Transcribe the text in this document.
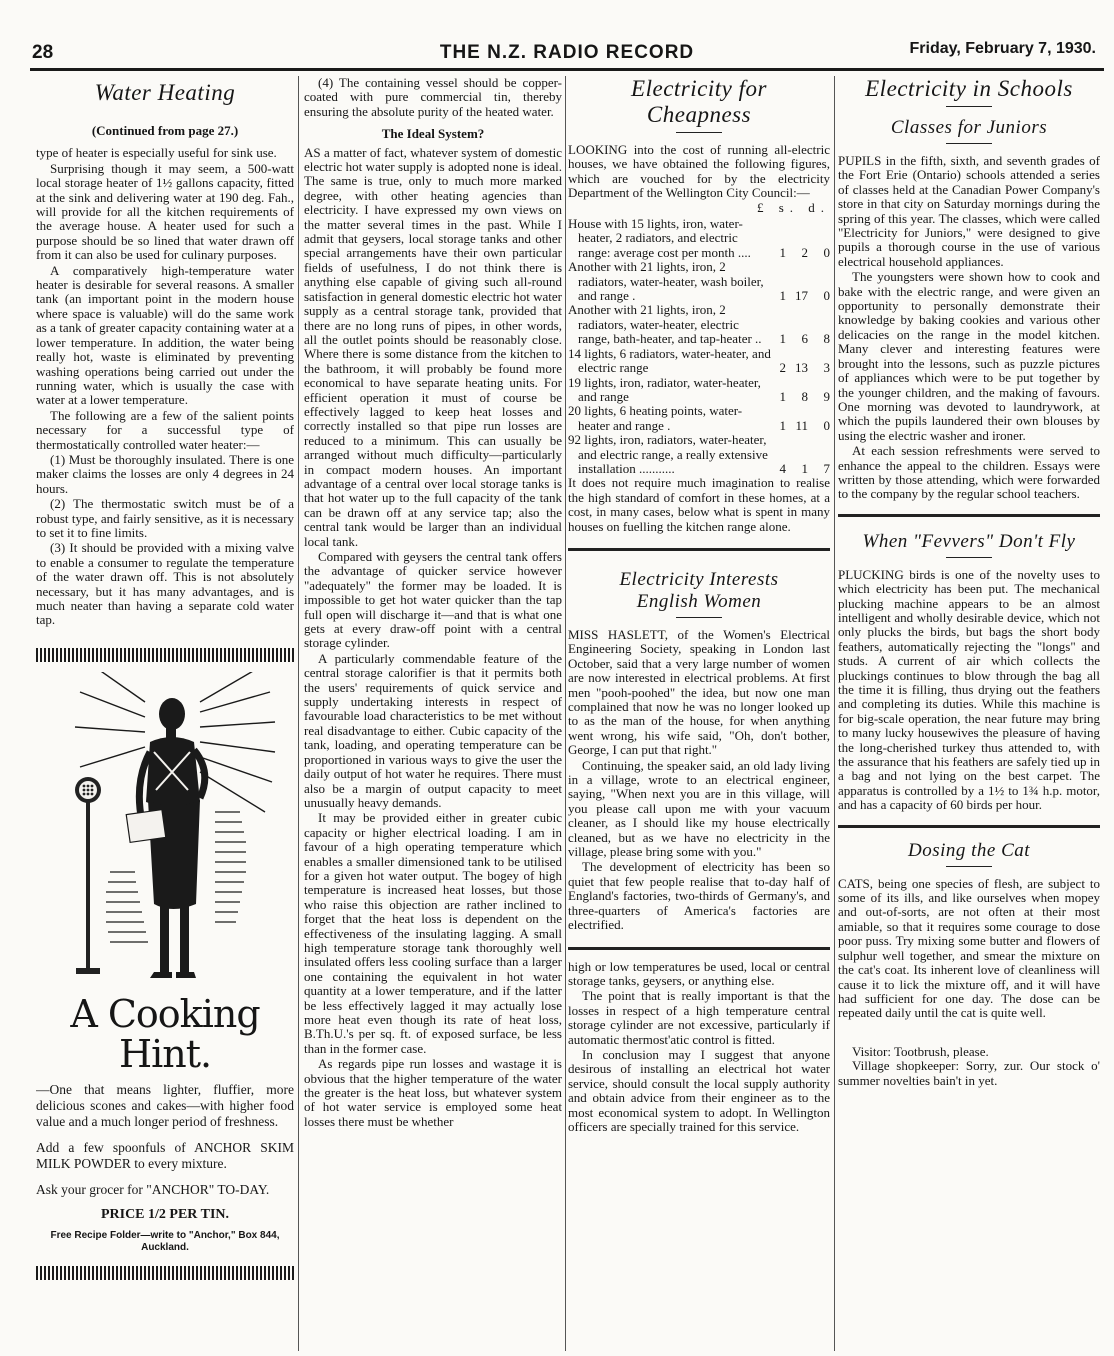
28	THE N.Z. RADIO RECORD	Friday, February 7, 1930.
Water Heating
(Continued from page 27.)

type of heater is especially useful for sink use.

Surprising though it may seem, a 500-watt local storage heater of 1½ gallons capacity, fitted at the sink and delivering water at 190 deg. Fah., will provide for all the kitchen requirements of the average house. A heater used for such a purpose should be so lined that water drawn off from it can also be used for culinary purposes.

A comparatively high-temperature water heater is desirable for several reasons. A smaller tank (an important point in the modern house where space is valuable) will do the same work as a tank of greater capacity containing water at a lower temperature. In addition, the water being really hot, waste is eliminated by preventing washing operations being carried out under the running water, which is usually the case with water at a lower temperature.

The following are a few of the salient points necessary for a successful type of thermostatically controlled water heater:—

(1) Must be thoroughly insulated. There is one maker claims the losses are only 4 degrees in 24 hours.

(2) The thermostatic switch must be of a robust type, and fairly sensitive, as it is necessary to set it to fine limits.

(3) It should be provided with a mixing valve to enable a consumer to regulate the temperature of the water drawn off. This is not absolutely necessary, but it has many advantages, and is much neater than having a separate cold water tap.

A Cooking Hint.

—One that means lighter, fluffier, more delicious scones and cakes—with higher food value and a much longer period of freshness.

Add a few spoonfuls of ANCHOR SKIM MILK POWDER to every mixture.

Ask your grocer for "ANCHOR" TO-DAY.

PRICE 1/2 PER TIN.
Free Recipe Folder—write to "Anchor," Box 844, Auckland.

(4) The containing vessel should be copper-coated with pure commercial tin, thereby ensuring the absolute purity of the heated water.

The Ideal System?

AS a matter of fact, whatever system of domestic electric hot water supply is adopted none is ideal. The same is true, only to much more marked degree, with other heating agencies than electricity. I have expressed my own views on the matter several times in the past. While I admit that geysers, local storage tanks and other special arrangements have their own particular fields of usefulness, I do not think there is anything else capable of giving such all-round satisfaction in general domestic electric hot water supply as a central storage tank, provided that there are no long runs of pipes, in other words, all the outlet points should be reasonably close. Where there is some distance from the kitchen to the bathroom, it will probably be found more economical to have separate heating units. For efficient operation it must of course be effectively lagged to keep heat losses and correctly installed so that pipe run losses are reduced to a minimum. This can usually be arranged without much difficulty—particularly in compact modern houses. An important advantage of a central over local storage tanks is that hot water up to the full capacity of the tank can be drawn off at any service tap; also the central tank would be larger than an individual local tank.

Compared with geysers the central tank offers the advantage of quicker service however "adequately" the former may be loaded. It is impossible to get hot water quicker than the tap full open will discharge it—and that is what one gets at every draw-off point with a central storage cylinder.

A particularly commendable feature of the central storage calorifier is that it permits both the users' requirements of quick service and supply undertaking interests in respect of favourable load characteristics to be met without real disadvantage to either. Cubic capacity of the tank, loading, and operating temperature can be proportioned in various ways to give the user the daily output of hot water he requires. There must also be a margin of output capacity to meet unusually heavy demands.

It may be provided either in greater cubic capacity or higher electrical loading. I am in favour of a high operating temperature which enables a smaller dimensioned tank to be utilised for a given hot water output. The bogey of high temperature is increased heat losses, but those who raise this objection are rather inclined to forget that the heat loss is dependent on the effectiveness of the insulating lagging. A small high temperature storage tank thoroughly well insulated offers less cooling surface than a larger one containing the equivalent in hot water quantity at a lower temperature, and if the latter be less effectively lagged it may actually lose more heat even though its rate of heat loss, B.Th.U.'s per sq. ft. of exposed surface, be less than in the former case.

As regards pipe run losses and wastage it is obvious that the higher temperature of the water the greater is the heat loss, but whatever system of hot water service is employed some heat losses there must be whether

Electricity for
Cheapness

LOOKING into the cost of running all-electric houses, we have obtained the following figures, which are vouched for by the electricity Department of the Wellington City Council:—

£ s. d.
House with 15 lights, iron, water-heater, 2 radiators, and electric range: average cost per month ....	1	2	0
Another with 21 lights, iron, 2 radiators, water-heater, wash boiler, and range .	1	17	0
Another with 21 lights, iron, 2 radiators, water-heater, electric range, bath-heater, and tap-heater ..	1	6	8
14 lights, 6 radiators, water-heater, and electric range	2	13	3
19 lights, iron, radiator, water-heater, and range	1	8	9
20 lights, 6 heating points, water-heater and range .	1	11	0
92 lights, iron, radiators, water-heater, and electric range, a really extensive installation ...........	4	1	7

It does not require much imagination to realise the high standard of comfort in these homes, at a cost, in many cases, below what is spent in many houses on fuelling the kitchen range alone.

Electricity Interests
English Women

MISS HASLETT, of the Women's Electrical Engineering Society, speaking in London last October, said that a very large number of women are now interested in electrical problems. At first men "pooh-poohed" the idea, but now one man complained that now he was no longer looked up to as the man of the house, for when anything went wrong, his wife said, "Oh, don't bother, George, I can put that right."

Continuing, the speaker said, an old lady living in a village, wrote to an electrical engineer, saying, "When next you are in this village, will you please call upon me with your vacuum cleaner, as I should like my house electrically cleaned, but as we have no electricity in the village, please bring some with you."

The development of electricity has been so quiet that few people realise that to-day half of England's factories, two-thirds of Germany's, and three-quarters of America's factories are electrified.

high or low temperatures be used, local or central storage tanks, geysers, or anything else.

The point that is really important is that the losses in respect of a high temperature central storage cylinder are not excessive, particularly if automatic thermost'atic control is fitted.

In conclusion may I suggest that anyone desirous of installing an electrical hot water service, should consult the local supply authority and obtain advice from their engineer as to the most economical system to adopt. In Wellington officers are specially trained for this service.

Electricity in Schools
Classes for Juniors

PUPILS in the fifth, sixth, and seventh grades of the Fort Erie (Ontario) schools attended a series of classes held at the Canadian Power Company's store in that city on Saturday mornings during the spring of this year. The classes, which were called "Electricity for Juniors," were designed to give pupils a thorough course in the use of various electrical household appliances.

The youngsters were shown how to cook and bake with the electric range, and were given an opportunity to personally demonstrate their knowledge by baking cookies and various other delicacies on the range in the model kitchen. Many clever and interesting features were brought into the lessons, such as puzzle pictures of appliances which were to be put together by the younger children, and the making of favours. One morning was devoted to laundrywork, at which the pupils laundered their own blouses by using the electric washer and ironer.

At each session refreshments were served to enhance the appeal to the children. Essays were written by those attending, which were forwarded to the company by the regular school teachers.

When "Fevvers" Don't Fly

PLUCKING birds is one of the novelty uses to which electricity has been put. The mechanical plucking machine appears to be an almost intelligent and wholly desirable device, which not only plucks the birds, but bags the short body feathers, automatically rejecting the "longs" and studs. A current of air which collects the pluckings continues to blow through the bag all the time it is filling, thus drying out the feathers and completing its duties. While this machine is for big-scale operation, the near future may bring to many lucky housewives the pleasure of having the long-cherished turkey thus attended to, with the assurance that his feathers are safely tied up in a bag and not lying on the best carpet. The apparatus is controlled by a 1½ to 1¾ h.p. motor, and has a capacity of 60 birds per hour.

Dosing the Cat

CATS, being one species of flesh, are subject to some of its ills, and like ourselves when mopey and out-of-sorts, are not often at their most amiable, so that it requires some courage to dose poor puss. Try mixing some butter and flowers of sulphur well together, and smear the mixture on the cat's coat. Its inherent love of cleanliness will cause it to lick the mixture off, and it will have had sufficient for one day. The dose can be repeated daily until the cat is quite well.

Visitor: Tootbrush, please.

Village shopkeeper: Sorry, zur. Our stock o' summer novelties bain't in yet.
